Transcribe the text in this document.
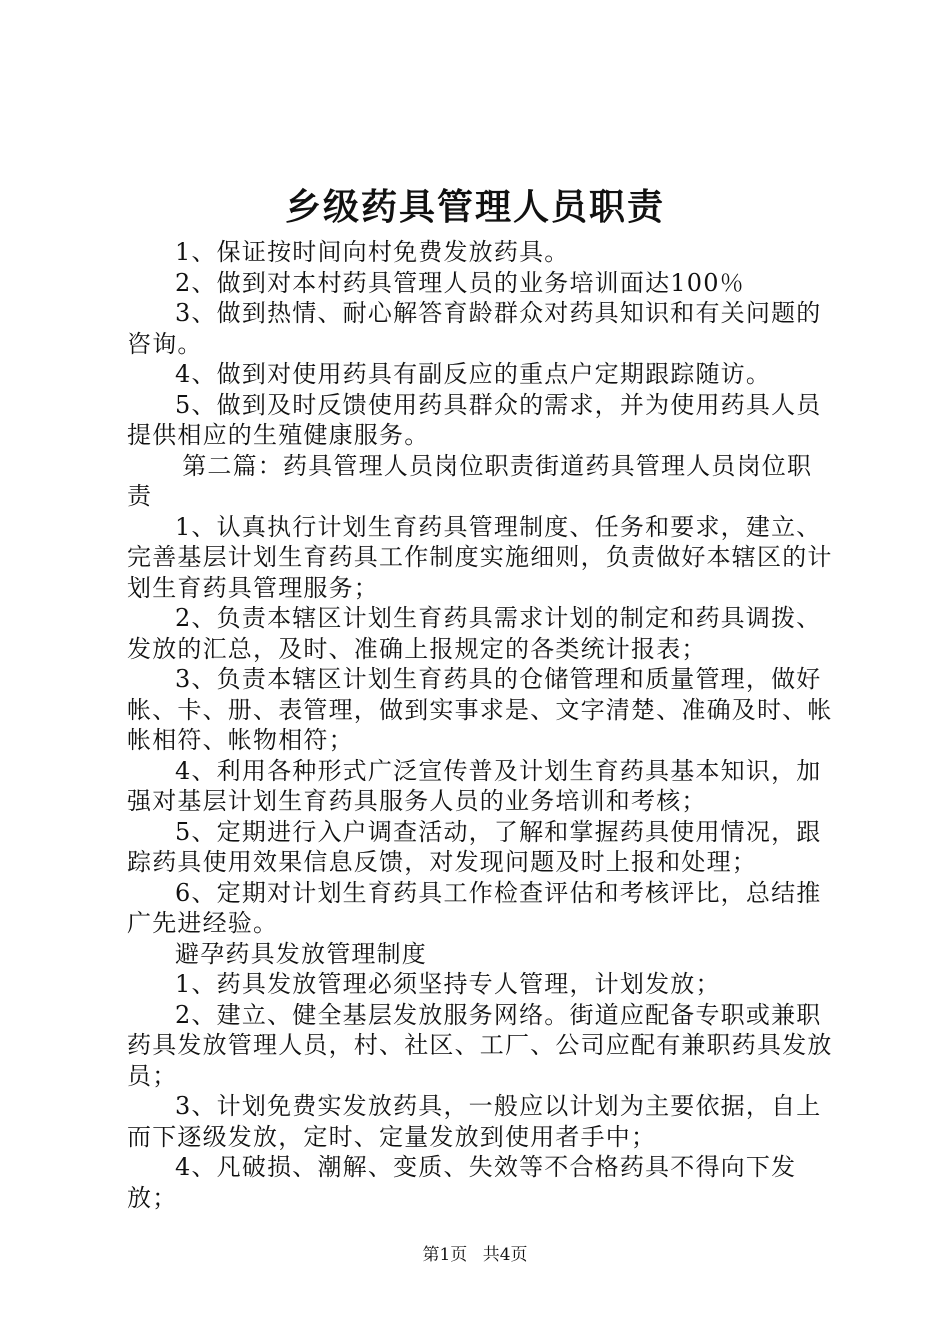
乡级药具管理人员职责

1、保证按时间向村免费发放药具。

2、做到对本村药具管理人员的业务培训面达100％

3、做到热情、耐心解答育龄群众对药具知识和有关问题的咨询。

4、做到对使用药具有副反应的重点户定期跟踪随访。

5、做到及时反馈使用药具群众的需求，并为使用药具人员提供相应的生殖健康服务。

第二篇：药具管理人员岗位职责街道药具管理人员岗位职责

1、认真执行计划生育药具管理制度、任务和要求，建立、完善基层计划生育药具工作制度实施细则，负责做好本辖区的计划生育药具管理服务；

2、负责本辖区计划生育药具需求计划的制定和药具调拨、发放的汇总，及时、准确上报规定的各类统计报表；

3、负责本辖区计划生育药具的仓储管理和质量管理，做好帐、卡、册、表管理，做到实事求是、文字清楚、准确及时、帐帐相符、帐物相符；

4、利用各种形式广泛宣传普及计划生育药具基本知识，加强对基层计划生育药具服务人员的业务培训和考核；

5、定期进行入户调查活动，了解和掌握药具使用情况，跟踪药具使用效果信息反馈，对发现问题及时上报和处理；

6、定期对计划生育药具工作检查评估和考核评比，总结推广先进经验。

避孕药具发放管理制度

1、药具发放管理必须坚持专人管理，计划发放；

2、建立、健全基层发放服务网络。街道应配备专职或兼职药具发放管理人员，村、社区、工厂、公司应配有兼职药具发放员；

3、计划免费实发放药具，一般应以计划为主要依据，自上而下逐级发放，定时、定量发放到使用者手中；

4、凡破损、潮解、变质、失效等不合格药具不得向下发放；

第1页 共4页
